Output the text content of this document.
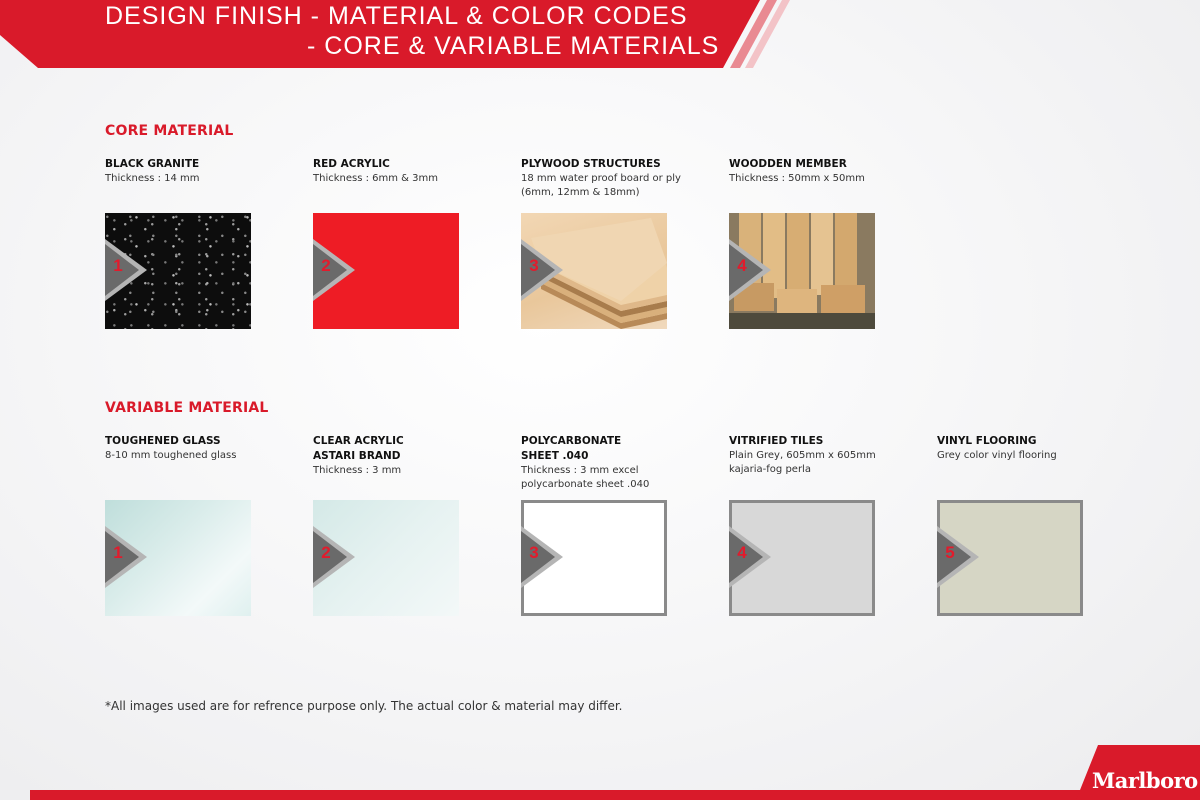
DESIGN FINISH - MATERIAL & COLOR CODES
- CORE & VARIABLE MATERIALS
CORE MATERIAL
BLACK GRANITE
Thickness : 14 mm
RED ACRYLIC
Thickness : 6mm & 3mm
PLYWOOD STRUCTURES
18 mm water proof board or ply
(6mm, 12mm & 18mm)
WOODDEN MEMBER
Thickness : 50mm x 50mm
1	2	3	4
VARIABLE MATERIAL
TOUGHENED GLASS
8-10 mm toughened glass
CLEAR ACRYLIC
ASTARI BRAND
Thickness : 3 mm
POLYCARBONATE
SHEET .040
Thickness : 3 mm excel
polycarbonate sheet .040
VITRIFIED TILES
Plain Grey, 605mm x 605mm
kajaria-fog perla
VINYL FLOORING
Grey color vinyl flooring
1	2	3	4	5
*All images used are for refrence purpose only. The actual color & material may differ.
Marlboro
